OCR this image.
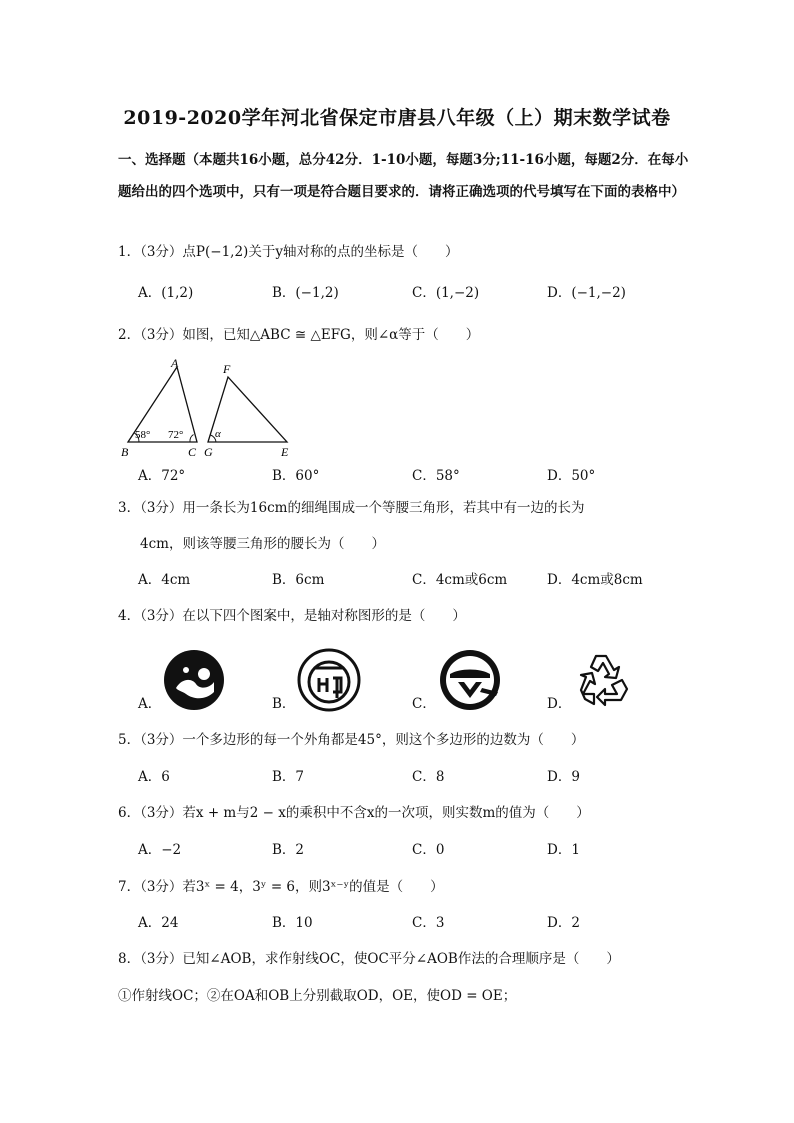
2019-2020学年河北省保定市唐县八年级（上）期末数学试卷
一、选择题（本题共16小题，总分42分．1-10小题，每题3分;11-16小题，每题2分．在每小题给出的四个选项中，只有一项是符合题目要求的．请将正确选项的代号填写在下面的表格中）
1．（3分）点P(−1,2)关于y轴对称的点的坐标是（　　）
A．(1,2)	B．(−1,2)	C．(1,−2)	D．(−1,−2)
2．（3分）如图，已知△ABC ≅ △EFG，则∠α等于（　　）
A
B	C
F
G	E
58° 72°	α
A．72°	B．60°	C．58°	D．50°
3．（3分）用一条长为16cm的细绳围成一个等腰三角形，若其中有一边的长为
4cm，则该等腰三角形的腰长为（　　）
A．4cm	B．6cm	C．4cm或6cm	D．4cm或8cm
4．（3分）在以下四个图案中，是轴对称图形的是（　　）
A．	B．	C．	D．
5．（3分）一个多边形的每一个外角都是45°，则这个多边形的边数为（　　）
A．6	B．7	C．8	D．9
6．（3分）若x + m与2 − x的乘积中不含x的一次项，则实数m的值为（　　）
A．−2	B．2	C．0	D．1
7．（3分）若3ˣ = 4，3ʸ = 6，则3ˣ⁻ʸ的值是（　　）
A．24	B．10	C．3	D．2
8．（3分）已知∠AOB，求作射线OC，使OC平分∠AOB作法的合理顺序是（　　）
①作射线OC；②在OA和OB上分别截取OD，OE，使OD = OE；
